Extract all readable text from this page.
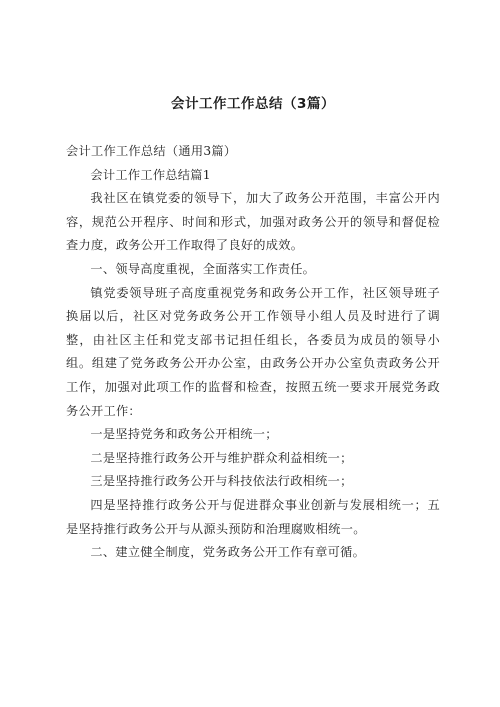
会计工作工作总结（3篇）

会计工作工作总结（通用3篇）

会计工作工作总结篇1

我社区在镇党委的领导下，加大了政务公开范围，丰富公开内容，规范公开程序、时间和形式，加强对政务公开的领导和督促检查力度，政务公开工作取得了良好的成效。

一、领导高度重视，全面落实工作责任。

镇党委领导班子高度重视党务和政务公开工作，社区领导班子换届以后，社区对党务政务公开工作领导小组人员及时进行了调整，由社区主任和党支部书记担任组长，各委员为成员的领导小组。组建了党务政务公开办公室，由政务公开办公室负责政务公开工作，加强对此项工作的监督和检查，按照五统一要求开展党务政务公开工作：

一是坚持党务和政务公开相统一；

二是坚持推行政务公开与维护群众利益相统一；

三是坚持推行政务公开与科技依法行政相统一；

四是坚持推行政务公开与促进群众事业创新与发展相统一；五是坚持推行政务公开与从源头预防和治理腐败相统一。

二、建立健全制度，党务政务公开工作有章可循。
